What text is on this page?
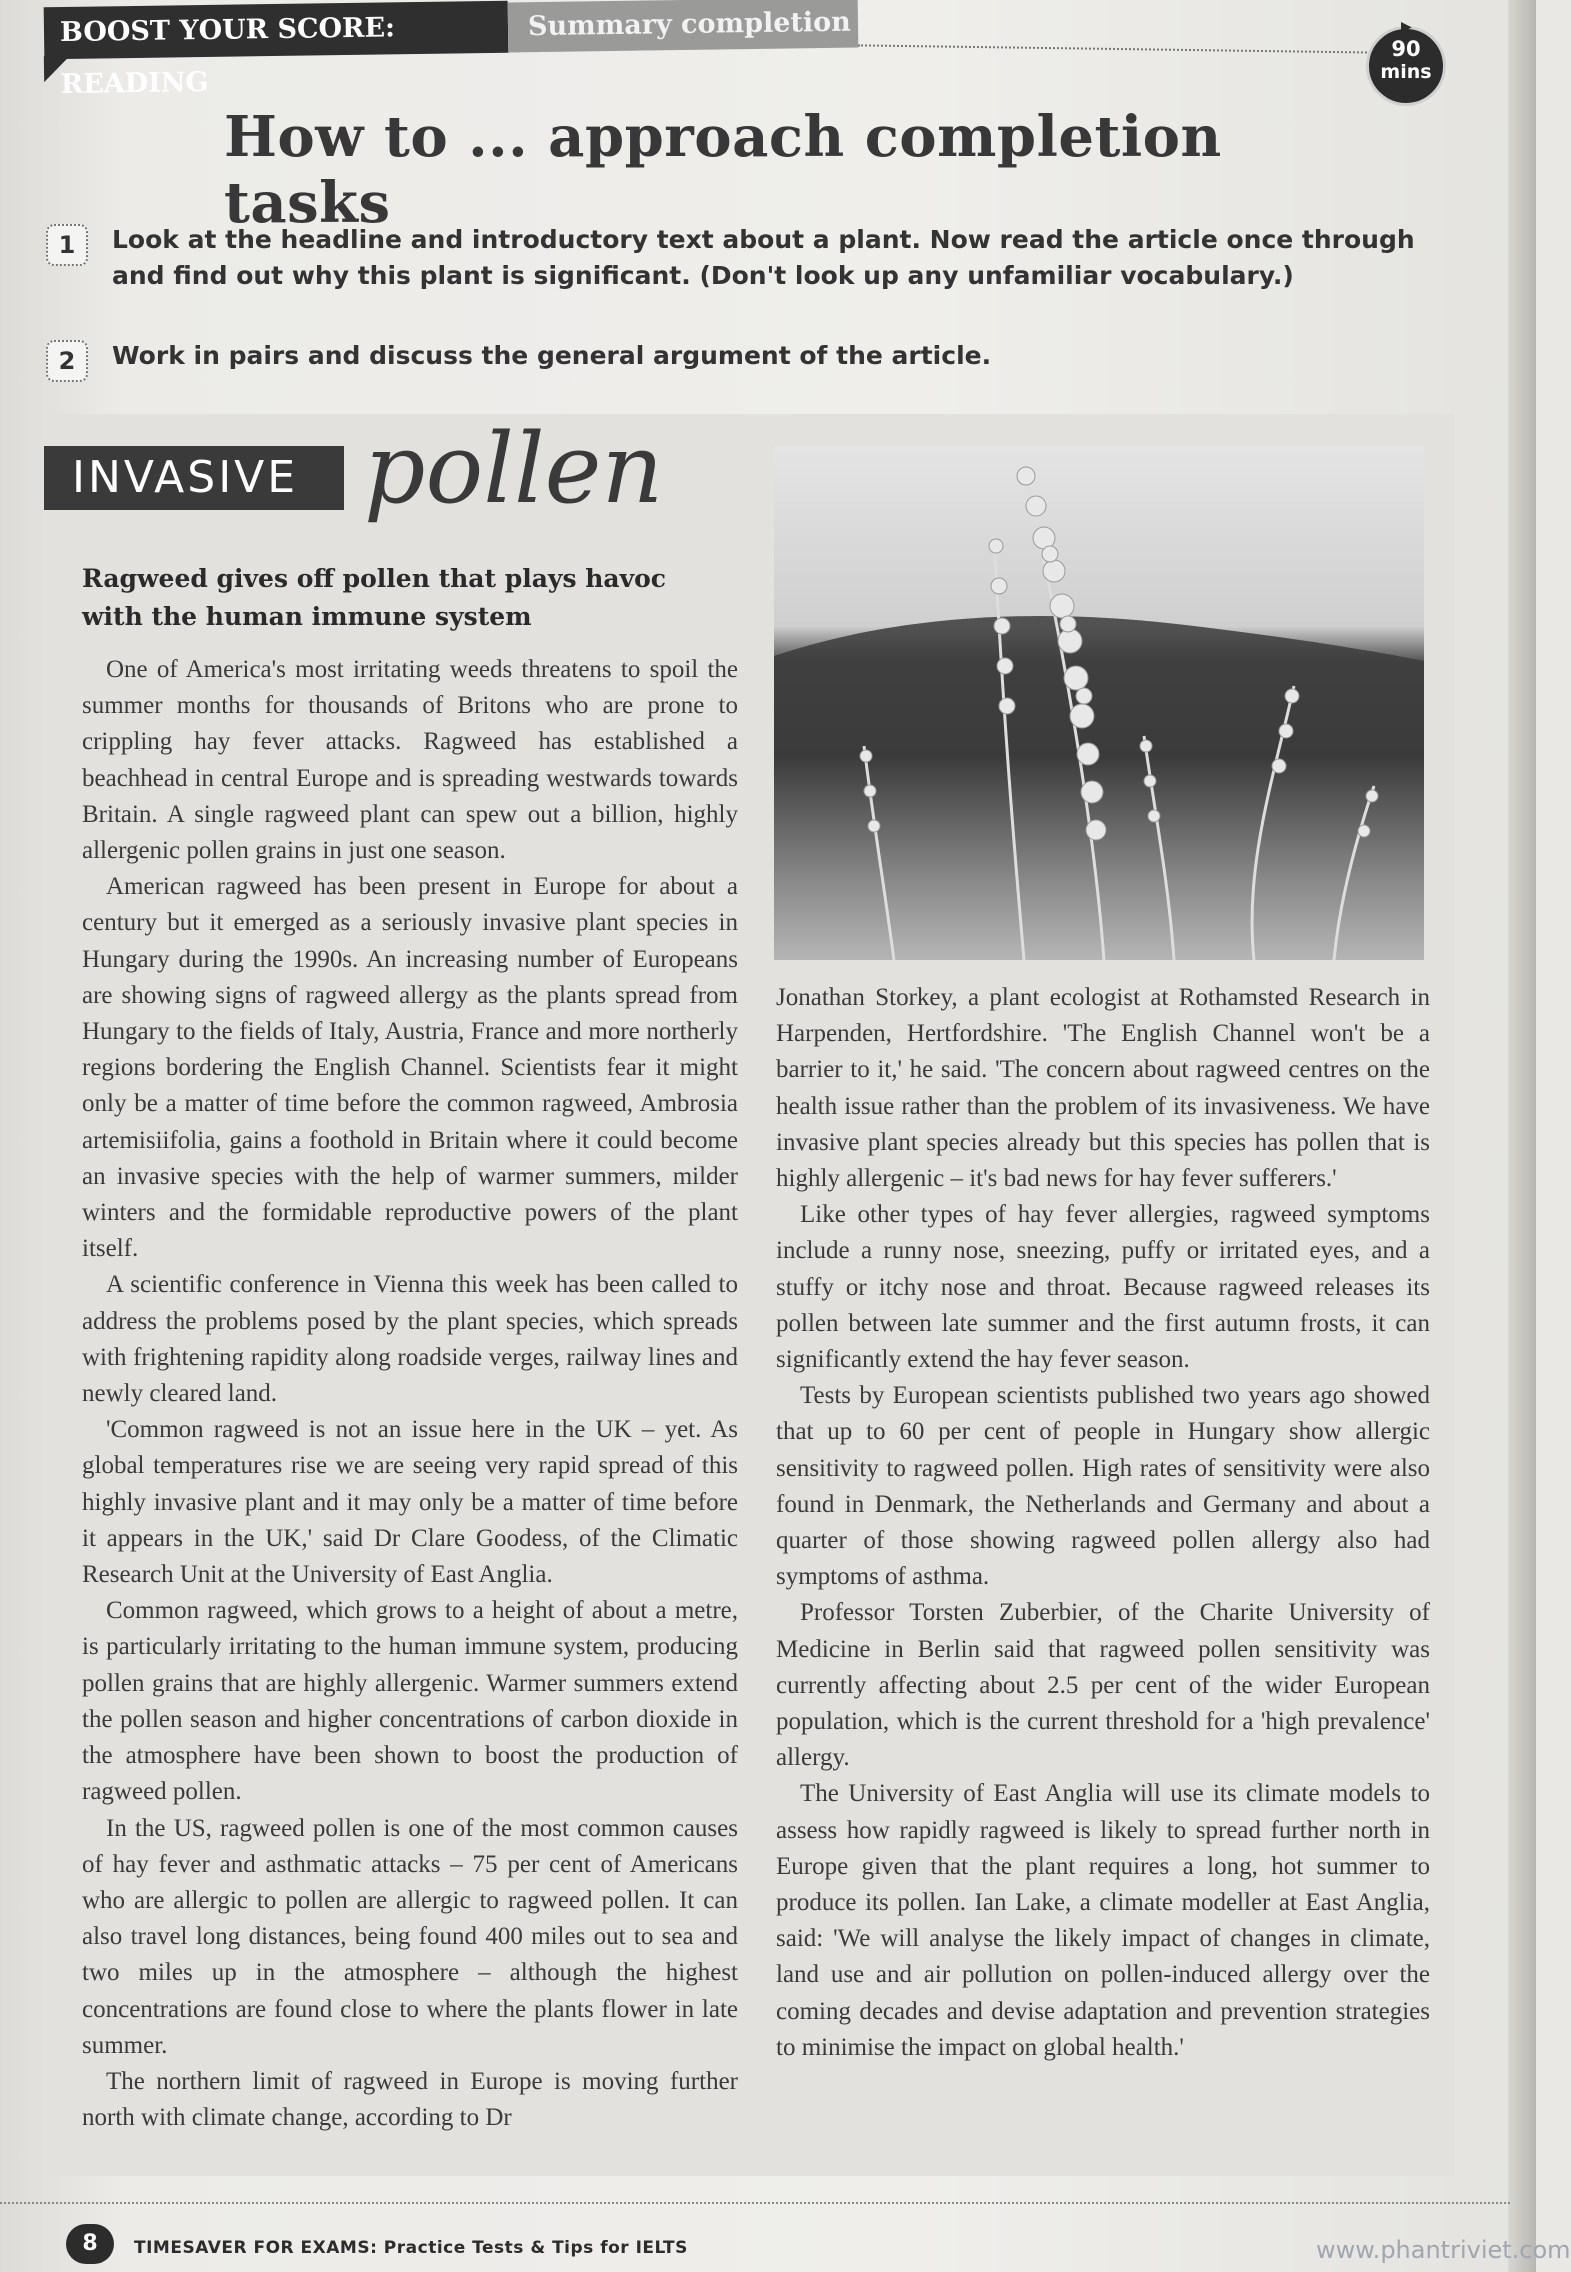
BOOST YOUR SCORE: READING
Summary completion	▶
90
mins
How to ... approach completion tasks
1	Look at the headline and introductory text about a plant. Now read the article once through and find out why this plant is significant. (Don't look up any unfamiliar vocabulary.)
2	Work in pairs and discuss the general argument of the article.
INVASIVE pollen
Ragweed gives off pollen that plays havoc with the human immune system

One of America's most irritating weeds threatens to spoil the summer months for thousands of Britons who are prone to crippling hay fever attacks. Ragweed has established a beachhead in central Europe and is spreading westwards towards Britain. A single ragweed plant can spew out a billion, highly allergenic pollen grains in just one season.

American ragweed has been present in Europe for about a century but it emerged as a seriously invasive plant species in Hungary during the 1990s. An increasing number of Europeans are showing signs of ragweed allergy as the plants spread from Hungary to the fields of Italy, Austria, France and more northerly regions bordering the English Channel. Scientists fear it might only be a matter of time before the common ragweed, Ambrosia artemisiifolia, gains a foothold in Britain where it could become an invasive species with the help of warmer summers, milder winters and the formidable reproductive powers of the plant itself.

A scientific conference in Vienna this week has been called to address the problems posed by the plant species, which spreads with frightening rapidity along roadside verges, railway lines and newly cleared land.

'Common ragweed is not an issue here in the UK – yet. As global temperatures rise we are seeing very rapid spread of this highly invasive plant and it may only be a matter of time before it appears in the UK,' said Dr Clare Goodess, of the Climatic Research Unit at the University of East Anglia.

Common ragweed, which grows to a height of about a metre, is particularly irritating to the human immune system, producing pollen grains that are highly allergenic. Warmer summers extend the pollen season and higher concentrations of carbon dioxide in the atmosphere have been shown to boost the production of ragweed pollen.

In the US, ragweed pollen is one of the most common causes of hay fever and asthmatic attacks – 75 per cent of Americans who are allergic to pollen are allergic to ragweed pollen. It can also travel long distances, being found 400 miles out to sea and two miles up in the atmosphere – although the highest concentrations are found close to where the plants flower in late summer.

The northern limit of ragweed in Europe is moving further north with climate change, according to Dr

Jonathan Storkey, a plant ecologist at Rothamsted Research in Harpenden, Hertfordshire. 'The English Channel won't be a barrier to it,' he said. 'The concern about ragweed centres on the health issue rather than the problem of its invasiveness. We have invasive plant species already but this species has pollen that is highly allergenic – it's bad news for hay fever sufferers.'

Like other types of hay fever allergies, ragweed symptoms include a runny nose, sneezing, puffy or irritated eyes, and a stuffy or itchy nose and throat. Because ragweed releases its pollen between late summer and the first autumn frosts, it can significantly extend the hay fever season.

Tests by European scientists published two years ago showed that up to 60 per cent of people in Hungary show allergic sensitivity to ragweed pollen. High rates of sensitivity were also found in Denmark, the Netherlands and Germany and about a quarter of those showing ragweed pollen allergy also had symptoms of asthma.

Professor Torsten Zuberbier, of the Charite University of Medicine in Berlin said that ragweed pollen sensitivity was currently affecting about 2.5 per cent of the wider European population, which is the current threshold for a 'high prevalence' allergy.

The University of East Anglia will use its climate models to assess how rapidly ragweed is likely to spread further north in Europe given that the plant requires a long, hot summer to produce its pollen. Ian Lake, a climate modeller at East Anglia, said: 'We will analyse the likely impact of changes in climate, land use and air pollution on pollen-induced allergy over the coming decades and devise adaptation and prevention strategies to minimise the impact on global health.'

8	TIMESAVER FOR EXAMS: Practice Tests & Tips for IELTS	www.phantriviet.com
